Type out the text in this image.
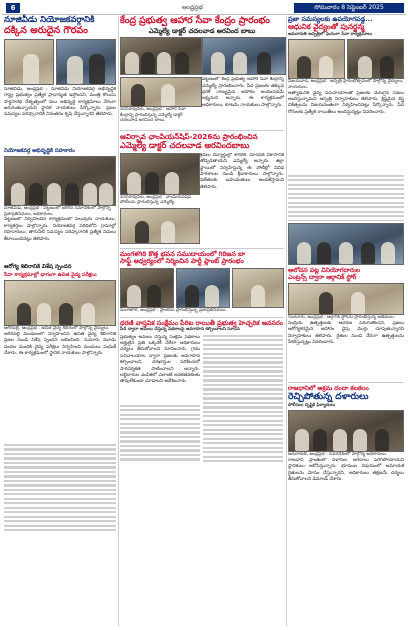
6	ఆంధ్రప్రభ	సోమవారం 8 సెప్టెంబర్ 2025

నూజివీడు నియోజకవర్గానికి

దక్కిన అరుదైన గౌరవం

నూజివీడు, ఆంధ్రప్రభ : నూజివీడు నియోజకవర్గ అభివృద్ధికి రాష్ట్ర ప్రభుత్వం ప్రత్యేక ప్రాధాన్యత ఇస్తోందని, మంత్రి కొలుసు పార్థసారథి నేతృత్వంలో పలు అభివృద్ధి కార్యక్రమాలు వేగంగా జరుగుతున్నాయని స్థానిక నాయకులు పేర్కొన్నారు. ప్రజల సమస్యల పరిష్కారానికి నిరంతరం కృషి చేస్తున్నారని తెలిపారు.

నియోజకవర్గ అభివృద్ధికి సహకారం

నూజివీడు, ఆంధ్రప్రభ : పట్టణంలో జరిగిన సమావేశంలో పాల్గొన్న ప్రజాప్రతినిధులు, అధికారులు.

పట్టణంలో నిర్వహించిన కార్యక్రమంలో పలువురు నాయకులు, కార్యకర్తలు పాల్గొన్నారు. నియోజకవర్గ పరిధిలోని గ్రామాల్లో రహదారులు, తాగునీటి సమస్యల పరిష్కారానికి ప్రత్యేక నిధులు కేటాయించినట్లు తెలిపారు.

ఆరోగ్య శిబిరానికి విశేష స్పందన

సేవా కార్యక్రమాల్లో భాగంగా ఉచిత వైద్య పరీక్షలు

ఆగిరిపల్లి, ఆంధ్రప్రభ : ఉచిత వైద్య శిబిరంలో పాల్గొన్న వైద్యులు.

ఆగిరిపల్లి మండలంలో నిర్వహించిన ఉచిత వైద్య శిబిరానికి ప్రజల నుండి విశేష స్పందన లభించింది. సుమారు మూడు వందల మందికి వైద్య పరీక్షలు నిర్వహించి మందులు పంపిణీ చేశారు. ఈ కార్యక్రమంలో స్థానిక నాయకులు పాల్గొన్నారు.

కేంద్ర ప్రభుత్వ ఆహార సేవా కేంద్రం ప్రారంభం

ఎమ్మెల్యే డాక్టర్ చదలవాడ అరవింద బాబు

నరసరావుపేట, ఆంధ్రప్రభ : ఆహార సేవా కేంద్రాన్ని ప్రారంభిస్తున్న ఎమ్మెల్యే డాక్టర్ చదలవాడ అరవింద బాబు.

పట్టణంలో కేంద్ర ప్రభుత్వ ఆహార సేవా కేంద్రాన్ని ఎమ్మెల్యే ప్రారంభించారు. పేద ప్రజలకు తక్కువ ధరకే నాణ్యమైన ఆహారం అందించడమే లక్ష్యమని అన్నారు. ఈ కార్యక్రమంలో అధికారులు, కూటమి నాయకులు పాల్గొన్నారు.

ఆవిర్భావ ఛాంపియన్‌షిప్-2026ను ప్రారంభించిన

ఎమ్మెల్యే డాక్టర్ చదలవాడ అరవిందబాబు

నరసరావుపేట, ఆంధ్రప్రభ : ఛాంపియన్‌షిప్ పోటీలను ప్రారంభిస్తున్న ఎమ్మెల్యే.

క్రీడలు విద్యార్థుల్లో శారీరక, మానసిక వికాసానికి తోడ్పడతాయని ఎమ్మెల్యే అన్నారు. జిల్లా స్థాయిలో నిర్వహిస్తున్న ఈ పోటీల్లో వివిధ పాఠశాలల నుండి క్రీడాకారులు పాల్గొన్నారు. విజేతలకు బహుమతులు అందజేస్తామని తెలిపారు.

మంగళగిరి కొత్త భవన సముదాయంలో గిరిజన బా

సాఫ్ట్ ఆధ్వర్యంలో నిర్మించిన పార్టీ ప్లాంట్ ప్రారంభం

మంగళగిరి, ఆంధ్రప్రభ : ప్లాంట్‌ను ప్రారంభిస్తున్న ప్రజాప్రతినిధులు.

ధరణి వాస్తవిక సంక్షేమం పేరిట రాయితీ ప్రభుత్వ హెచ్చరిక అవసరం

పీ4 ద్వారా అమలు చేస్తున్న పథకాలపై అవగాహన కల్పించాలని సూచన

ప్రభుత్వం అమలు చేస్తున్న సంక్షేమ పథకాలు అర్హులైన ప్రతి ఒక్కరికీ చేరేలా అధికారులు చర్యలు తీసుకోవాలని సూచించారు. గ్రామ సచివాలయాల ద్వారా ప్రజలకు అవగాహన కల్పించాలని, దరఖాస్తుల పరిశీలనలో పారదర్శకత పాటించాలని అన్నారు. లబ్ధిదారుల ఎంపికలో ఎలాంటి అవకతవకలకు తావులేకుండా చూడాలని ఆదేశించారు.

ప్రజా సమస్యలకు ఉపయోగపడ్డ...

ఆధునిక వైద్యంతో పునర్జన్మ

అమరావతి ఆస్పత్రిలో ఘనంగా సేవా కార్యక్రమాలు

విజయవాడ, ఆంధ్రప్రభ : ఆస్పత్రి ప్రారంభోత్సవంలో పాల్గొన్న వైద్యులు, నాయకులు.

అత్యాధునిక వైద్య సదుపాయాలతో ప్రజలకు మెరుగైన సేవలు అందిస్తున్నామని ఆస్పత్రి నిర్వాహకులు తెలిపారు. క్లిష్టమైన శస్త్ర చికిత్సలను విజయవంతంగా నిర్వహించినట్లు పేర్కొన్నారు. పేద రోగులకు ప్రత్యేక రాయితీలు అందిస్తున్నట్లు వివరించారు.

ఆలోచన పట్ల వినియోగదారుల

ఎంట్రన్స్ ద్వారా ఆర్గానిక్ స్టోర్

గుంటూరు, ఆంధ్రప్రభ : ఆర్గానిక్ స్టోర్‌ను ప్రారంభిస్తున్న అతిథులు.

సేంద్రియ ఉత్పత్తులకు ఆదరణ పెరుగుతోందని, ప్రజలు ఆరోగ్యకరమైన ఆహారం వైపు మొగ్గు చూపుతున్నారని నిర్వాహకులు తెలిపారు. రైతుల నుంచి నేరుగా ఉత్పత్తులను సేకరిస్తున్నట్లు వివరించారు.

రాజధానిలో అక్రమ దందా కలకలం

రెచ్చిపోతున్న దళారులు

పోలీసుల దృష్టికి ఫిర్యాదులు

అమరావతి, ఆంధ్రప్రభ : సమావేశంలో పాల్గొన్న అధికారులు.

రాజధాని ప్రాంతంలో దళారుల ఆగడాలు పెరిగిపోయాయని స్థానికులు ఆరోపిస్తున్నారు. భూముల విషయంలో అమాయక రైతులను మోసం చేస్తున్నారని, అధికారులు తక్షణమే చర్యలు తీసుకోవాలని డిమాండ్ చేశారు.
